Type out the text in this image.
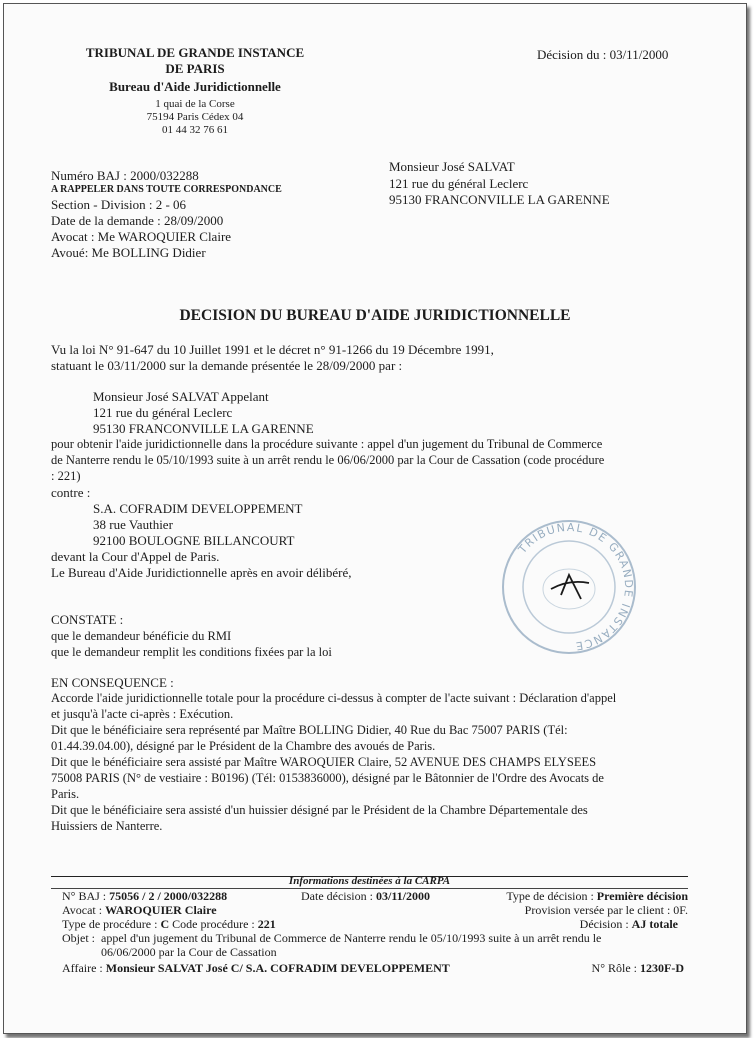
TRIBUNAL DE GRANDE INSTANCE
DE PARIS
Bureau d'Aide Juridictionnelle
1 quai de la Corse
75194 Paris Cédex 04
01 44 32 76 61
Décision du : 03/11/2000
Numéro BAJ : 2000/032288
A RAPPELER DANS TOUTE CORRESPONDANCE
Section - Division : 2 - 06
Date de la demande : 28/09/2000
Avocat : Me WAROQUIER Claire
Avoué: Me BOLLING Didier
Monsieur José SALVAT
121 rue du général Leclerc
95130 FRANCONVILLE LA GARENNE
DECISION DU BUREAU D'AIDE JURIDICTIONNELLE
Vu la loi N° 91-647 du 10 Juillet 1991 et le décret n° 91-1266 du 19 Décembre 1991,
statuant le 03/11/2000 sur la demande présentée le 28/09/2000 par :
Monsieur José SALVAT Appelant
121 rue du général Leclerc
95130 FRANCONVILLE LA GARENNE
pour obtenir l'aide juridictionnelle dans la procédure suivante : appel d'un jugement du Tribunal de Commerce
de Nanterre rendu le 05/10/1993 suite à un arrêt rendu le 06/06/2000 par la Cour de Cassation (code procédure
: 221)
contre :
S.A. COFRADIM DEVELOPPEMENT
38 rue Vauthier
92100 BOULOGNE BILLANCOURT
devant la Cour d'Appel de Paris.
Le Bureau d'Aide Juridictionnelle après en avoir délibéré,
CONSTATE :
que le demandeur bénéficie du RMI
que le demandeur remplit les conditions fixées par la loi
EN CONSEQUENCE :
Accorde l'aide juridictionnelle totale pour la procédure ci-dessus à compter de l'acte suivant : Déclaration d'appel
et jusqu'à l'acte ci-après : Exécution.
Dit que le bénéficiaire sera représenté par Maître BOLLING Didier, 40 Rue du Bac 75007 PARIS (Tél:
01.44.39.04.00), désigné par le Président de la Chambre des avoués de Paris.
Dit que le bénéficiaire sera assisté par Maître WAROQUIER Claire, 52 AVENUE DES CHAMPS ELYSEES
75008 PARIS (N° de vestiaire : B0196) (Tél: 0153836000), désigné par le Bâtonnier de l'Ordre des Avocats de
Paris.
Dit que le bénéficiaire sera assisté d'un huissier désigné par le Président de la Chambre Départementale des
Huissiers de Nanterre.
TRIBUNAL DE GRANDE INSTANCE
Informations destinées à la CARPA
N° BAJ : 75056 / 2 / 2000/032288	Date décision : 03/11/2000	Type de décision : Première décision
Avocat : WAROQUIER Claire	Provision versée par le client : 0F.
Type de procédure : C Code procédure : 221	Décision : AJ totale
Objet : appel d'un jugement du Tribunal de Commerce de Nanterre rendu le 05/10/1993 suite à un arrêt rendu le
06/06/2000 par la Cour de Cassation
Affaire : Monsieur SALVAT José C/ S.A. COFRADIM DEVELOPPEMENT	N° Rôle : 1230F-D
